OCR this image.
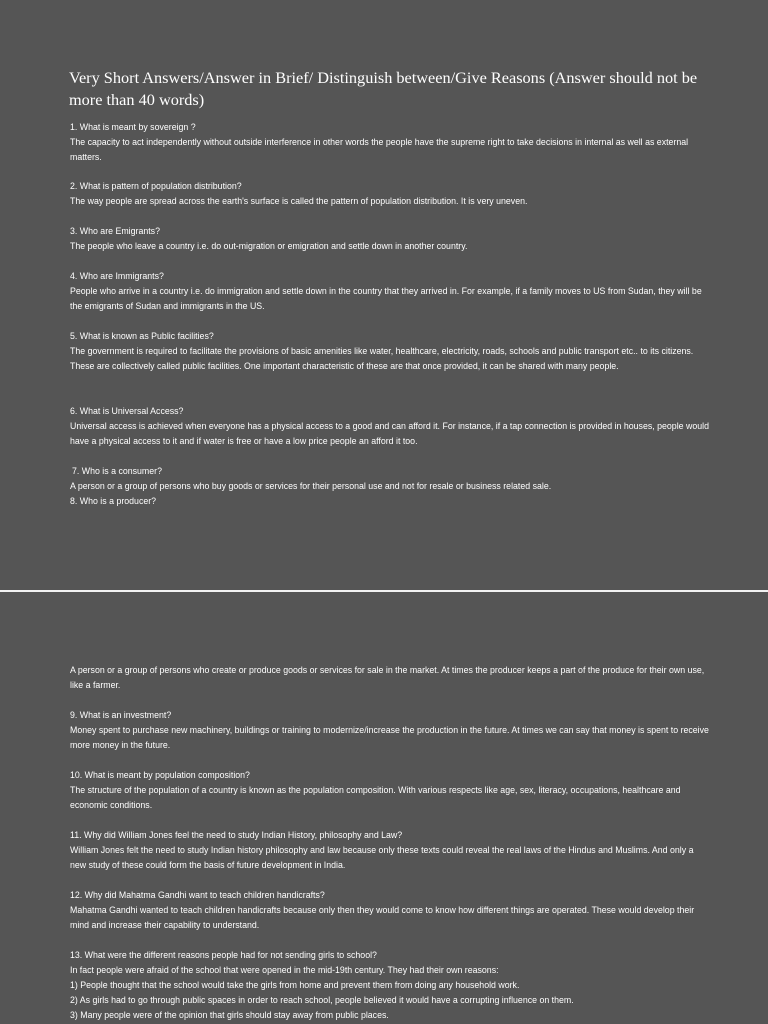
Very Short Answers/Answer in Brief/ Distinguish between/Give Reasons (Answer should not be more than 40 words)
1. What is meant by sovereign ?
The capacity to act independently without outside interference in other words the people have the supreme right to take decisions in internal as well as external matters.
2. What is pattern of population distribution?
The way people are spread across the earth's surface is called the pattern of population distribution. It is very uneven.
3. Who are Emigrants?
The people who leave a country i.e. do out-migration or emigration and settle down in another country.
4. Who are Immigrants?
People who arrive in a country i.e. do immigration and settle down in the country that they arrived in. For example, if a family moves to US from Sudan, they will be the emigrants of Sudan and immigrants in the US.
5. What is known as Public facilities?
The government is required to facilitate the provisions of basic amenities like water, healthcare, electricity, roads, schools and public transport etc.. to its citizens. These are collectively called public facilities. One important characteristic of these are that once provided, it can be shared with many people.
6. What is Universal Access?
Universal access is achieved when everyone has a physical access to a good and can afford it. For instance, if a tap connection is provided in houses, people would have a physical access to it and if water is free or have a low price people an afford it too.
7. Who is a consumer?
A person or a group of persons who buy goods or services for their personal use and not for resale or business related sale.
8. Who is a producer?
A person or a group of persons who create or produce goods or services for sale in the market. At times the producer keeps a part of the produce for their own use, like a farmer.
9. What is an investment?
Money spent to purchase new machinery, buildings or training to modernize/increase the production in the future. At times we can say that money is spent to receive more money in the future.
10. What is meant by population composition?
The structure of the population of a country is known as the population composition. With various respects like age, sex, literacy, occupations, healthcare and economic conditions.
11. Why did William Jones feel the need to study Indian History, philosophy and Law?
William Jones felt the need to study Indian history philosophy and law because only these texts could reveal the real laws of the Hindus and Muslims. And only a new study of these could form the basis of future development in India.
12. Why did Mahatma Gandhi want to teach children handicrafts?
Mahatma Gandhi wanted to teach children handicrafts because only then they would come to know how different things are operated. These would develop their mind and increase their capability to understand.
13. What were the different reasons people had for not sending girls to school?
In fact people were afraid of the school that were opened in the mid-19th century. They had their own reasons:
1) People thought that the school would take the girls from home and prevent them from doing any household work.
2) As girls had to go through public spaces in order to reach school, people believed it would have a corrupting influence on them.
3) Many people were of the opinion that girls should stay away from public places.
